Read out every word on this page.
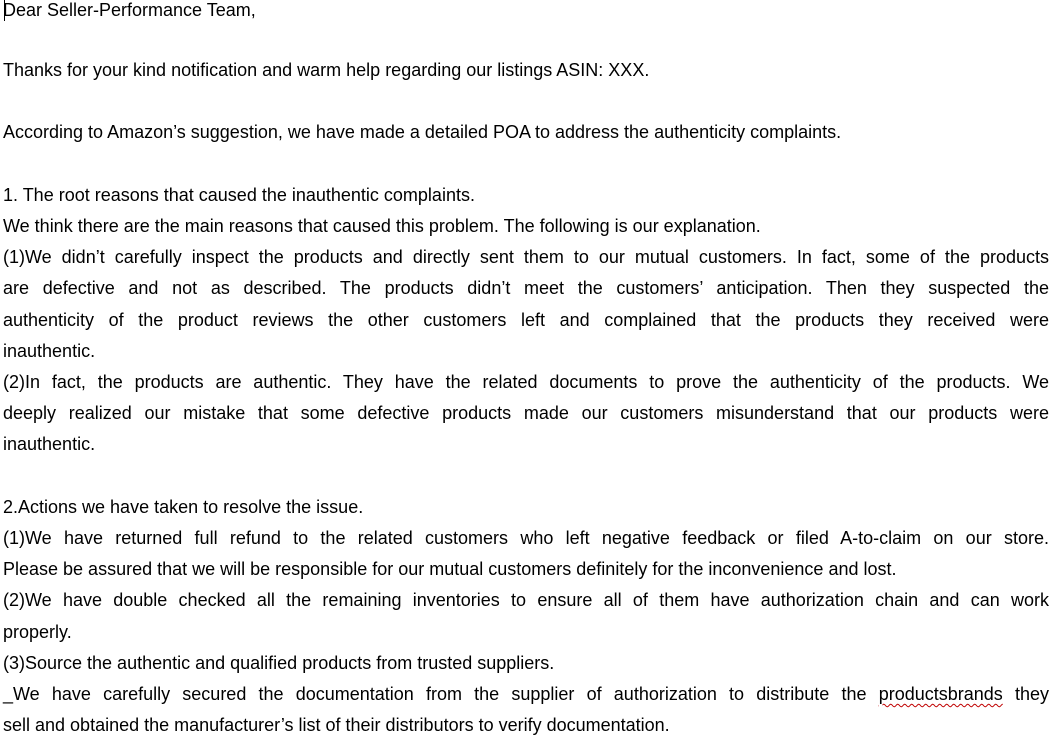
Dear Seller-Performance Team,
Thanks for your kind notification and warm help regarding our listings ASIN: XXX.
According to Amazon’s suggestion, we have made a detailed POA to address the authenticity complaints.
1. The root reasons that caused the inauthentic complaints.
We think there are the main reasons that caused this problem. The following is our explanation.
(1)We didn’t carefully inspect the products and directly sent them to our mutual customers. In fact, some of the products
are defective and not as described. The products didn’t meet the customers’ anticipation. Then they suspected the
authenticity of the product reviews the other customers left and complained that the products they received were
inauthentic.
(2)In fact, the products are authentic. They have the related documents to prove the authenticity of the products. We
deeply realized our mistake that some defective products made our customers misunderstand that our products were
inauthentic.
2.Actions we have taken to resolve the issue.
(1)We have returned full refund to the related customers who left negative feedback or filed A-to-claim on our store.
Please be assured that we will be responsible for our mutual customers definitely for the inconvenience and lost.
(2)We have double checked all the remaining inventories to ensure all of them have authorization chain and can work
properly.
(3)Source the authentic and qualified products from trusted suppliers.
_We have carefully secured the documentation from the supplier of authorization to distribute the productsbrands they
sell and obtained the manufacturer’s list of their distributors to verify documentation.
